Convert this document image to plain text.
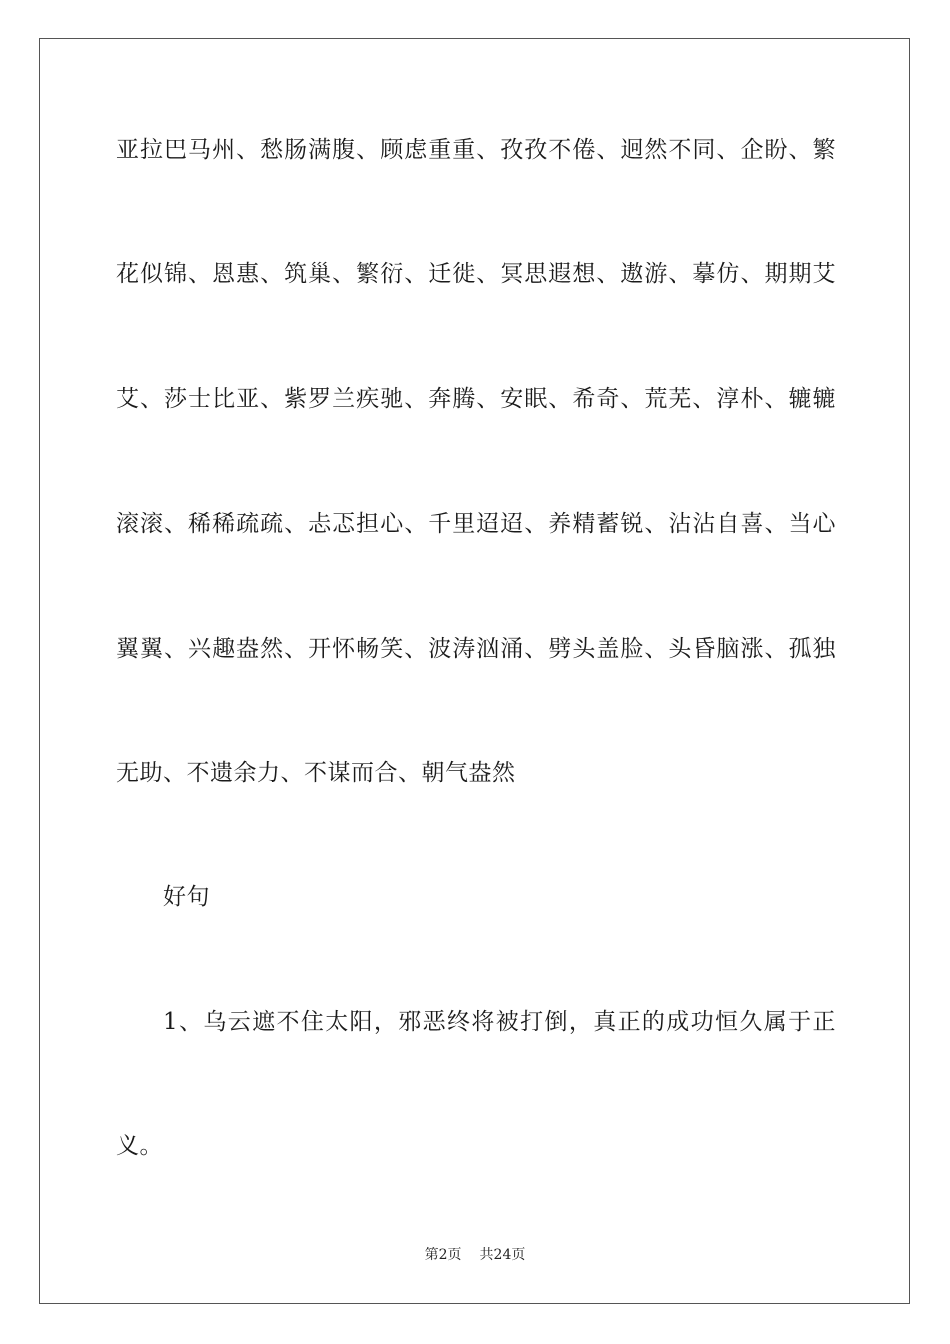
亚拉巴马州、愁肠满腹、顾虑重重、孜孜不倦、迥然不同、企盼、繁
花似锦、恩惠、筑巢、繁衍、迁徙、冥思遐想、遨游、摹仿、期期艾
艾、莎士比亚、紫罗兰疾驰、奔腾、安眠、希奇、荒芜、淳朴、辘辘
滚滚、稀稀疏疏、忐忑担心、千里迢迢、养精蓄锐、沾沾自喜、当心
翼翼、兴趣盎然、开怀畅笑、波涛汹涌、劈头盖脸、头昏脑涨、孤独
无助、不遗余力、不谋而合、朝气盎然
好句
1、乌云遮不住太阳，邪恶终将被打倒，真正的成功恒久属于正
义。
第2页 共24页
